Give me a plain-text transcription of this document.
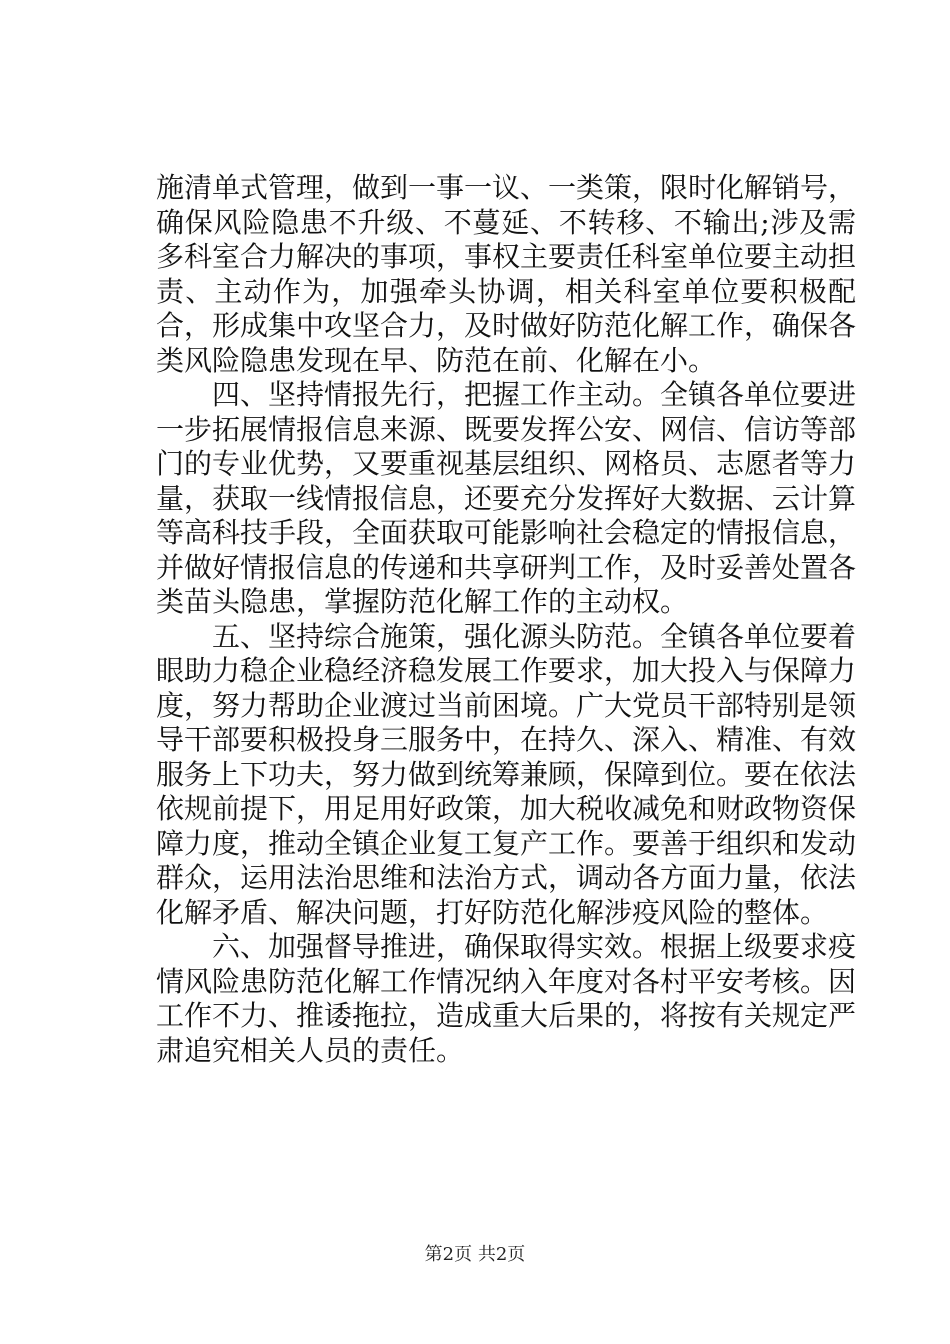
施清单式管理，做到一事一议、一类策，限时化解销号，确保风险隐患不升级、不蔓延、不转移、不输出;涉及需多科室合力解决的事项，事权主要责任科室单位要主动担责、主动作为，加强牵头协调，相关科室单位要积极配合，形成集中攻坚合力，及时做好防范化解工作，确保各类风险隐患发现在早、防范在前、化解在小。

四、坚持情报先行，把握工作主动。全镇各单位要进一步拓展情报信息来源、既要发挥公安、网信、信访等部门的专业优势，又要重视基层组织、网格员、志愿者等力量，获取一线情报信息，还要充分发挥好大数据、云计算等高科技手段，全面获取可能影响社会稳定的情报信息，并做好情报信息的传递和共享研判工作，及时妥善处置各类苗头隐患，掌握防范化解工作的主动权。

五、坚持综合施策，强化源头防范。全镇各单位要着眼助力稳企业稳经济稳发展工作要求，加大投入与保障力度，努力帮助企业渡过当前困境。广大党员干部特别是领导干部要积极投身三服务中，在持久、深入、精准、有效服务上下功夫，努力做到统筹兼顾，保障到位。要在依法依规前提下，用足用好政策，加大税收减免和财政物资保障力度，推动全镇企业复工复产工作。要善于组织和发动群众，运用法治思维和法治方式，调动各方面力量，依法化解矛盾、解决问题，打好防范化解涉疫风险的整体。

六、加强督导推进，确保取得实效。根据上级要求疫情风险患防范化解工作情况纳入年度对各村平安考核。因工作不力、推诿拖拉，造成重大后果的，将按有关规定严肃追究相关人员的责任。

第2页 共2页
